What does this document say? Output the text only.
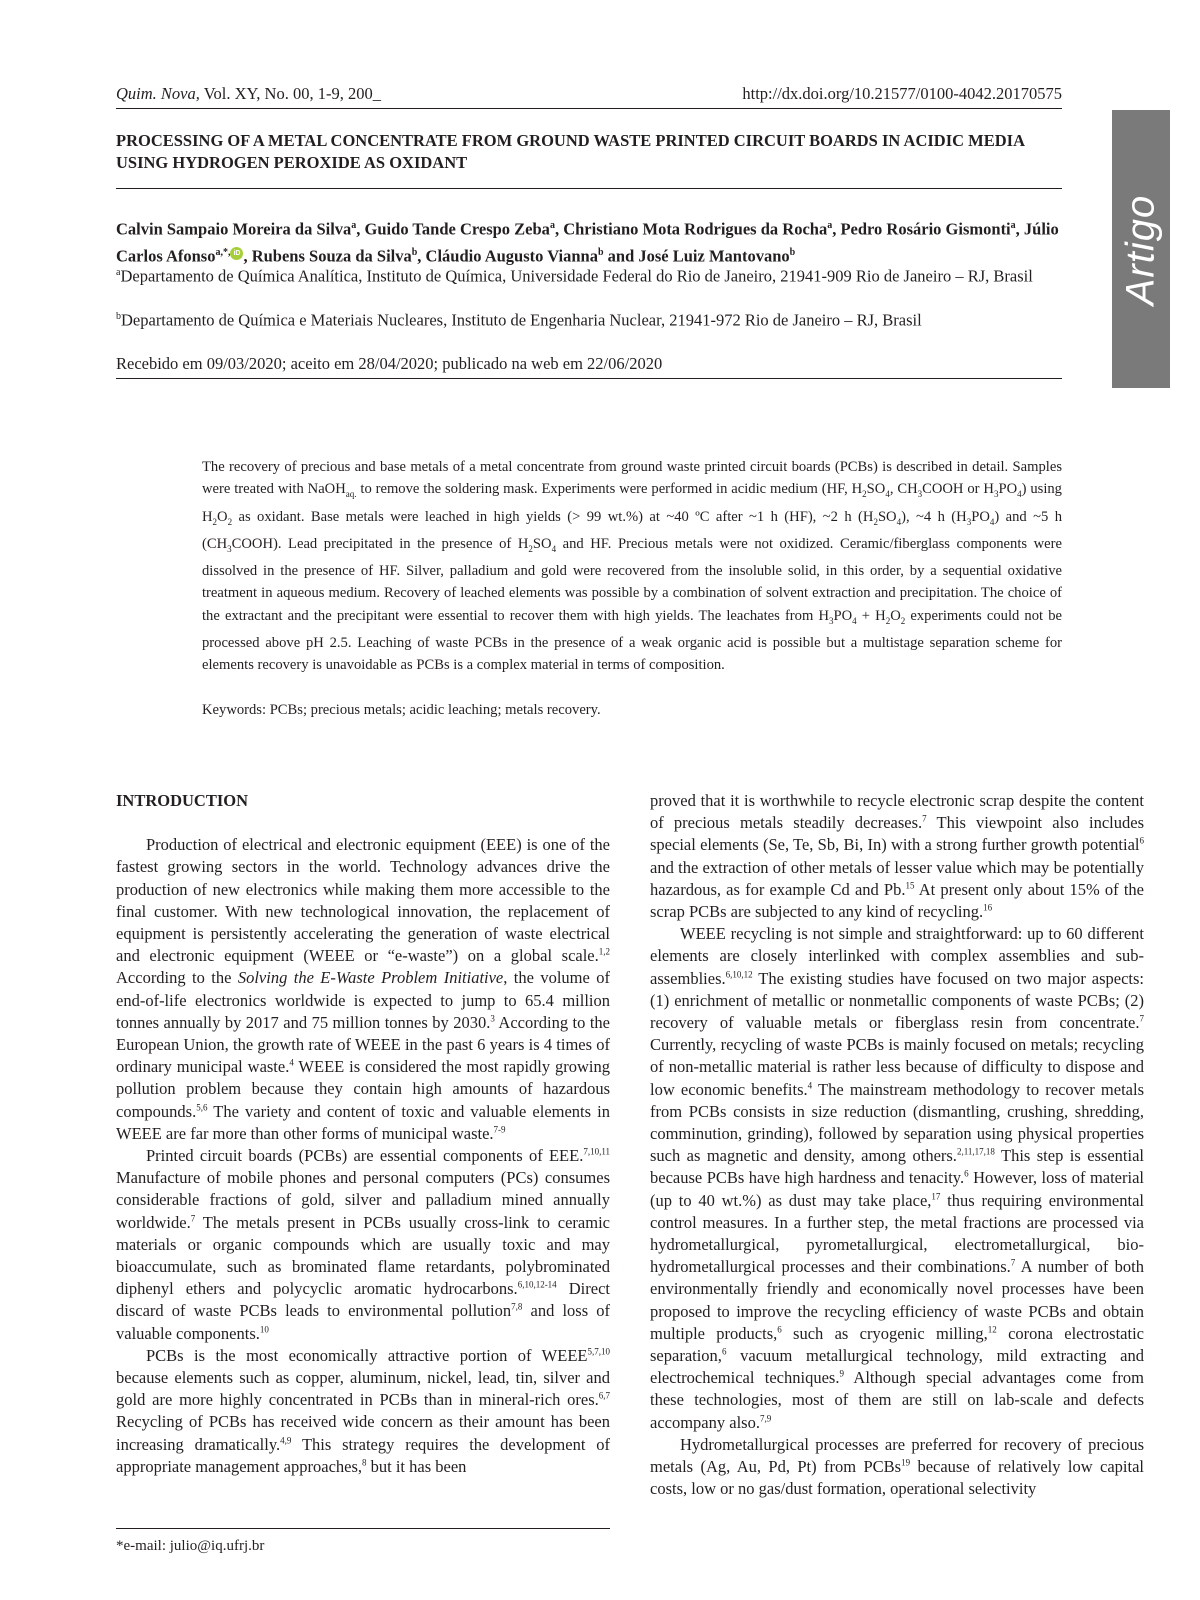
Quim. Nova, Vol. XY, No. 00, 1-9, 200_	http://dx.doi.org/10.21577/0100-4042.20170575
Artigo
PROCESSING OF A METAL CONCENTRATE FROM GROUND WASTE PRINTED CIRCUIT BOARDS IN ACIDIC MEDIA USING HYDROGEN PEROXIDE AS OXIDANT
Calvin Sampaio Moreira da Silva$^a$, Guido Tande Crespo Zeba$^a$, Christiano Mota Rodrigues da Rocha$^a$, Pedro Rosário Gismonti$^a$, Júlio Carlos Afonso$^{a,*,}$ iD , Rubens Souza da Silva$^b$, Cláudio Augusto Vianna$^b$ and José Luiz Mantovano$^b$
$^a$Departamento de Química Analítica, Instituto de Química, Universidade Federal do Rio de Janeiro, 21941-909 Rio de Janeiro – RJ, Brasil
$^b$Departamento de Química e Materiais Nucleares, Instituto de Engenharia Nuclear, 21941-972 Rio de Janeiro – RJ, Brasil
Recebido em 09/03/2020; aceito em 28/04/2020; publicado na web em 22/06/2020
The recovery of precious and base metals of a metal concentrate from ground waste printed circuit boards (PCBs) is described in detail. Samples were treated with NaOH$_{aq.}$ to remove the soldering mask. Experiments were performed in acidic medium (HF, $H_2SO_4$, $CH_3COOH$ or $H_3PO_4$) using $H_2O_2$ as oxidant. Base metals were leached in high yields (> 99 wt.%) at ~40 ºC after ~1 h (HF), ~2 h $(H_2SO_4)$, ~4 h $(H_3PO_4)$ and ~5 h $(CH_3COOH)$. Lead precipitated in the presence of $H_2SO_4$ and HF. Precious metals were not oxidized. Ceramic/fiberglass components were dissolved in the presence of HF. Silver, palladium and gold were recovered from the insoluble solid, in this order, by a sequential oxidative treatment in aqueous medium. Recovery of leached elements was possible by a combination of solvent extraction and precipitation. The choice of the extractant and the precipitant were essential to recover them with high yields. The leachates from $H_3PO_4 + H_2O_2$ experiments could not be processed above pH 2.5. Leaching of waste PCBs in the presence of a weak organic acid is possible but a multistage separation scheme for elements recovery is unavoidable as PCBs is a complex material in terms of composition.
Keywords: PCBs; precious metals; acidic leaching; metals recovery.
INTRODUCTION

Production of electrical and electronic equipment (EEE) is one of the fastest growing sectors in the world. Technology advances drive the production of new electronics while making them more accessible to the final customer. With new technological innovation, the replacement of equipment is persistently accelerating the generation of waste electrical and electronic equipment (WEEE or “e-waste”) on a global scale.$^{1,2}$ According to the Solving the E-Waste Problem Initiative, the volume of end-of-life electronics worldwide is expected to jump to 65.4 million tonnes annually by 2017 and 75 million tonnes by 2030.$^3$ According to the European Union, the growth rate of WEEE in the past 6 years is 4 times of ordinary municipal waste.$^4$ WEEE is considered the most rapidly growing pollution problem because they contain high amounts of hazardous compounds.$^{5,6}$ The variety and content of toxic and valuable elements in WEEE are far more than other forms of municipal waste.$^{7-9}$

Printed circuit boards (PCBs) are essential components of EEE.$^{7,10,11}$ Manufacture of mobile phones and personal computers (PCs) consumes considerable fractions of gold, silver and palladium mined annually worldwide.$^7$ The metals present in PCBs usually cross-link to ceramic materials or organic compounds which are usually toxic and may bioaccumulate, such as brominated flame retardants, polybrominated diphenyl ethers and polycyclic aromatic hydrocarbons.$^{6,10,12-14}$ Direct discard of waste PCBs leads to environmental pollution$^{7,8}$ and loss of valuable components.$^{10}$

PCBs is the most economically attractive portion of WEEE$^{5,7,10}$ because elements such as copper, aluminum, nickel, lead, tin, silver and gold are more highly concentrated in PCBs than in mineral-rich ores.$^{6,7}$ Recycling of PCBs has received wide concern as their amount has been increasing dramatically.$^{4,9}$ This strategy requires the development of appropriate management approaches,$^8$ but it has been

proved that it is worthwhile to recycle electronic scrap despite the content of precious metals steadily decreases.$^7$ This viewpoint also includes special elements (Se, Te, Sb, Bi, In) with a strong further growth potential$^6$ and the extraction of other metals of lesser value which may be potentially hazardous, as for example Cd and Pb.$^{15}$ At present only about 15% of the scrap PCBs are subjected to any kind of recycling.$^{16}$

WEEE recycling is not simple and straightforward: up to 60 different elements are closely interlinked with complex assemblies and sub-assemblies.$^{6,10,12}$ The existing studies have focused on two major aspects: (1) enrichment of metallic or nonmetallic components of waste PCBs; (2) recovery of valuable metals or fiberglass resin from concentrate.$^7$ Currently, recycling of waste PCBs is mainly focused on metals; recycling of non-metallic material is rather less because of difficulty to dispose and low economic benefits.$^4$ The mainstream methodology to recover metals from PCBs consists in size reduction (dismantling, crushing, shredding, comminution, grinding), followed by separation using physical properties such as magnetic and density, among others.$^{2,11,17,18}$ This step is essential because PCBs have high hardness and tenacity.$^6$ However, loss of material (up to 40 wt.%) as dust may take place,$^{17}$ thus requiring environmental control measures. In a further step, the metal fractions are processed via hydrometallurgical, pyrometallurgical, electrometallurgical, bio-hydrometallurgical processes and their combinations.$^7$ A number of both environmentally friendly and economically novel processes have been proposed to improve the recycling efficiency of waste PCBs and obtain multiple products,$^6$ such as cryogenic milling,$^{12}$ corona electrostatic separation,$^6$ vacuum metallurgical technology, mild extracting and electrochemical techniques.$^9$ Although special advantages come from these technologies, most of them are still on lab-scale and defects accompany also.$^{7,9}$

Hydrometallurgical processes are preferred for recovery of precious metals (Ag, Au, Pd, Pt) from PCBs$^{19}$ because of relatively low capital costs, low or no gas/dust formation, operational selectivity

*e-mail: julio@iq.ufrj.br
